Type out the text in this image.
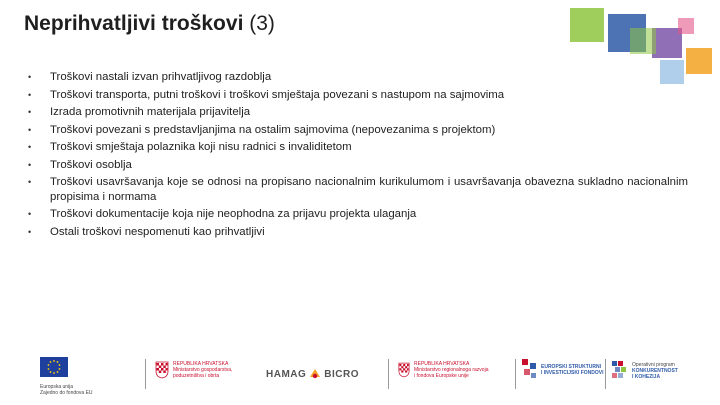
Neprihvatljivi troškovi (3)
• Troškovi nastali izvan prihvatljivog razdoblja
• Troškovi transporta, putni troškovi i troškovi smještaja povezani s nastupom na sajmovima
• Izrada promotivnih materijala prijavitelja
• Troškovi povezani s predstavljanjima na ostalim sajmovima (nepovezanima s projektom)
• Troškovi smještaja polaznika koji nisu radnici s invaliditetom
• Troškovi osoblja
• Troškovi usavršavanja koje se odnosi na propisano nacionalnim kurikulumom i usavršavanja obavezna sukladno nacionalnim propisima i normama
• Troškovi dokumentacije koja nije neophodna za prijavu projekta ulaganja
• Ostali troškovi nespomenuti kao prihvatljivi
Europska unija
Zajedno do fondova EU
REPUBLIKA HRVATSKA
Ministarstvo gospodarstva,
poduzetništva i obrta	HAMAG BICRO
REPUBLIKA HRVATSKA
Ministarstvo regionalnoga razvoja
i fondova Europske unije
EUROPSKI STRUKTURNI
I INVESTICIJSKI FONDOVI
Operativni program
KONKURENTNOST
I KOHEZIJA
